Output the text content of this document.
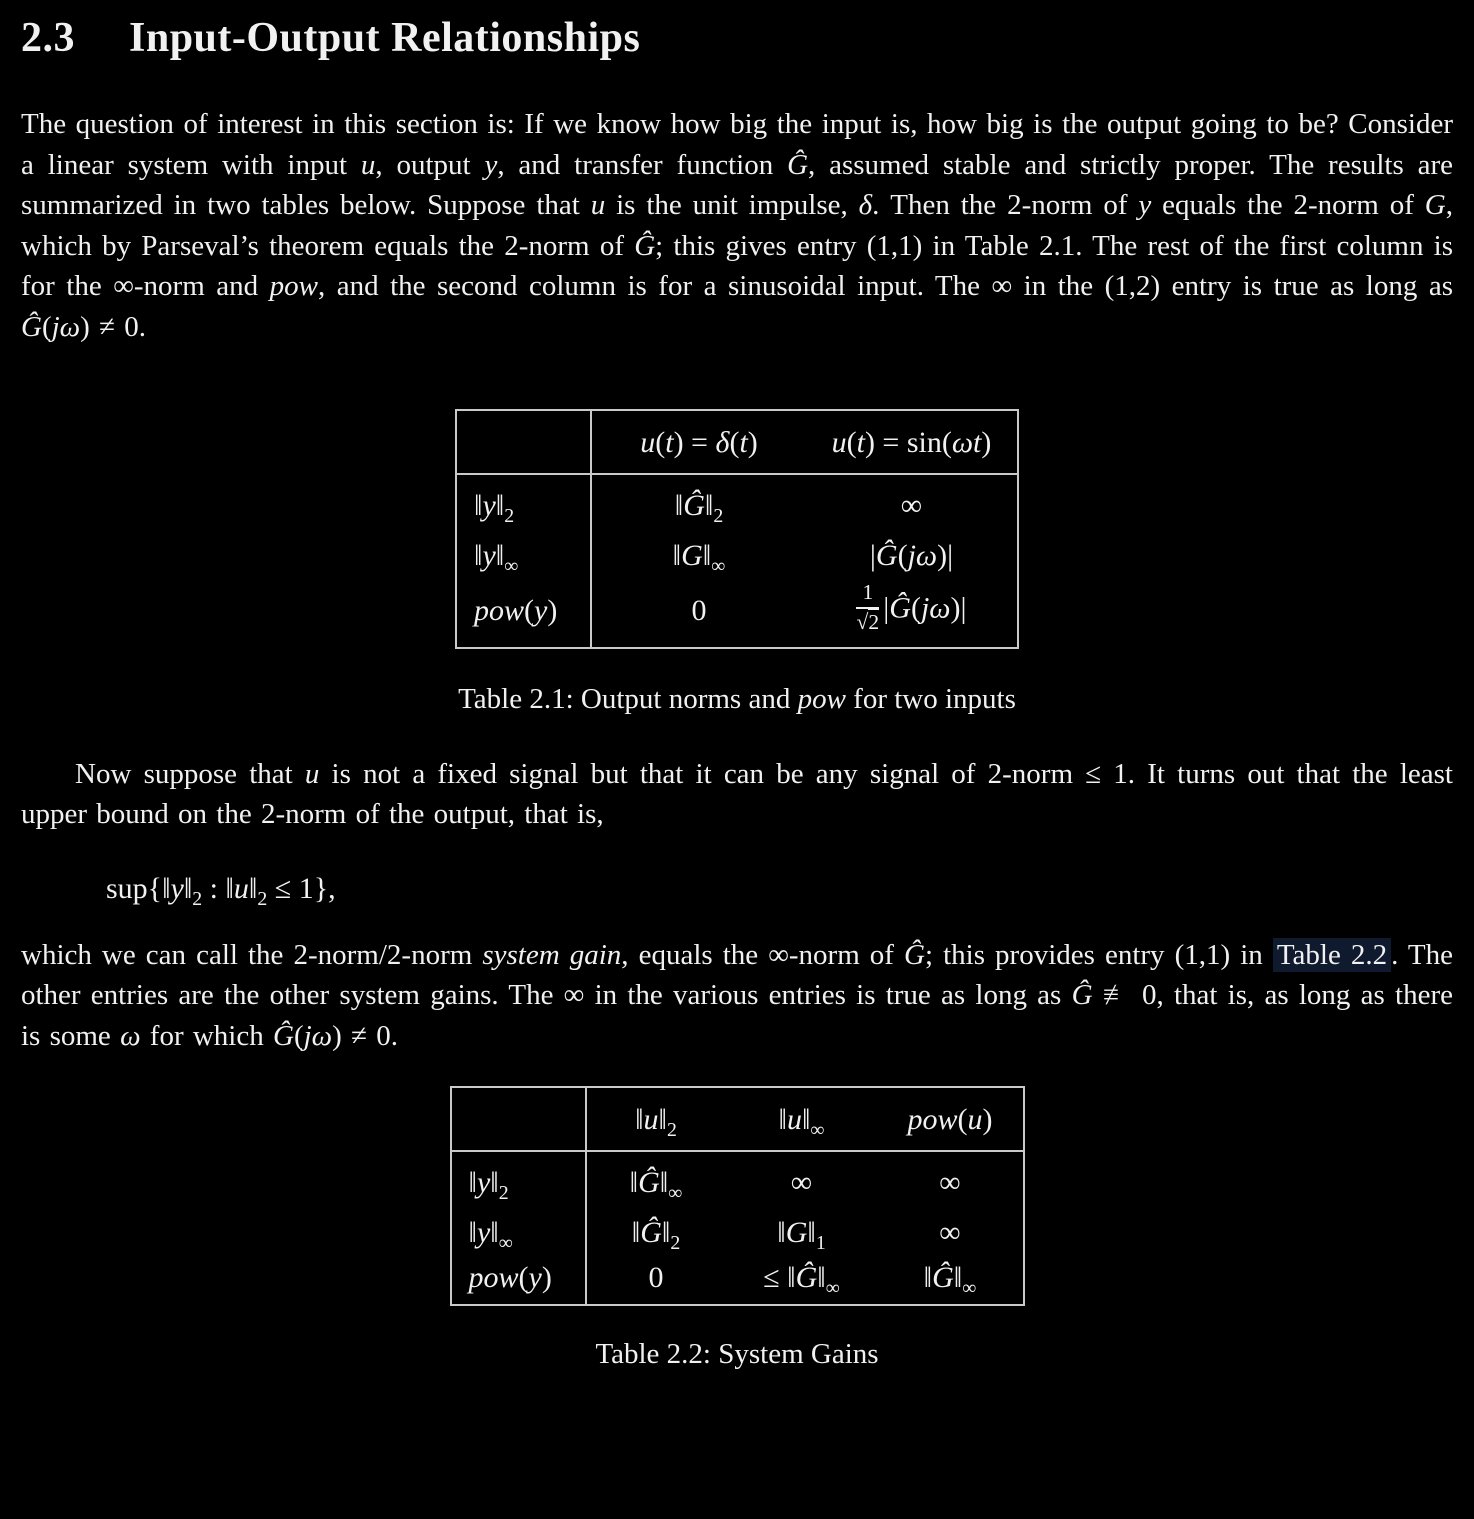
2.3 Input-Output Relationships

The question of interest in this section is: If we know how big the input is, how big is the output going to be? Consider a linear system with input u, output y, and transfer function Ĝ, assumed stable and strictly proper. The results are summarized in two tables below. Suppose that u is the unit impulse, δ. Then the 2-norm of y equals the 2-norm of G, which by Parseval’s theorem equals the 2-norm of Ĝ; this gives entry (1,1) in Table 2.1. The rest of the first column is for the ∞-norm and pow, and the second column is for a sinusoidal input. The ∞ in the (1,2) entry is true as long as Ĝ(jω) ≠ 0.

	u(t) = δ(t)	u(t) = sin(ωt)
$‖y‖_2$	$‖Ĝ‖_2$	∞
$‖y‖_\infty$	$‖G‖_\infty$	|Ĝ(jω)|
pow(y)	0	$\frac{1}{√2}$ |Ĝ(jω)|
Table 2.1: Output norms and pow for two inputs

Now suppose that u is not a fixed signal but that it can be any signal of 2-norm ≤ 1. It turns out that the least upper bound on the 2-norm of the output, that is,

$sup\{‖y‖_2$ : $‖u‖_2 \le 1$},

which we can call the 2-norm/2-norm system gain, equals the ∞-norm of Ĝ; this provides entry (1,1) in Table 2.2 . The other entries are the other system gains. The ∞ in the various entries is true as long as Ĝ ≢ 0, that is, as long as there is some ω for which Ĝ(jω) ≠ 0.

	$‖u‖_2$	$‖u‖_\infty$	pow(u)
$‖y‖_2$	$‖Ĝ‖_\infty$	∞	∞
$‖y‖_\infty$	$‖Ĝ‖_2$	$‖G‖_1$	∞
pow(y)	0	≤ $‖Ĝ‖_\infty$	$‖Ĝ‖_\infty$
Table 2.2: System Gains
